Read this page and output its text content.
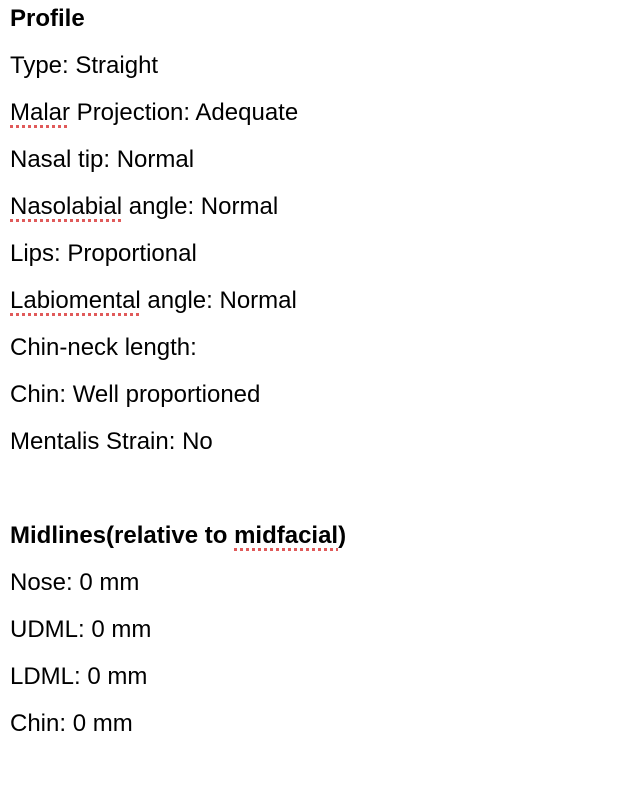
Profile
Type: Straight
Malar Projection: Adequate
Nasal tip: Normal
Nasolabial angle: Normal
Lips: Proportional
Labiomental angle: Normal
Chin-neck length:
Chin: Well proportioned
Mentalis Strain: No
Midlines(relative to midfacial)
Nose: 0 mm
UDML: 0 mm
LDML: 0 mm
Chin: 0 mm
